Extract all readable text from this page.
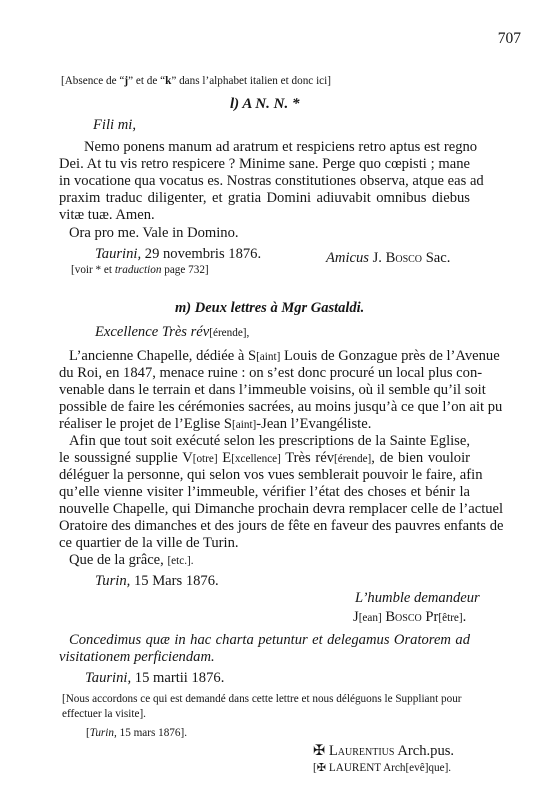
707
[Absence de “j” et de “k” dans l’alphabet italien et donc ici]
l) A N. N. *
Fili mi,
Nemo ponens manum ad aratrum et respiciens retro aptus est regno
Dei. At tu vis retro respicere ? Minime sane. Perge quo cœpisti ; mane
in vocatione qua vocatus es. Nostras constitutiones observa, atque eas ad
praxim traduc diligenter, et gratia Domini adiuvabit omnibus diebus
vitæ tuæ. Amen.
Ora pro me. Vale in Domino.
Taurini, 29 novembris 1876.	Amicus J. Bosco Sac.
[voir * et traduction page 732]
m) Deux lettres à Mgr Gastaldi.
Excellence Très rév[érende],
L’ancienne Chapelle, dédiée à S[aint] Louis de Gonzague près de l’Avenue
du Roi, en 1847, menace ruine : on s’est donc procuré un local plus con-
venable dans le terrain et dans l’immeuble voisins, où il semble qu’il soit
possible de faire les cérémonies sacrées, au moins jusqu’à ce que l’on ait pu
réaliser le projet de l’Eglise S[aint]-Jean l’Evangéliste.
Afin que tout soit exécuté selon les prescriptions de la Sainte Eglise,
le soussigné supplie V[otre] E[xcellence] Très rév[érende], de bien vouloir
déléguer la personne, qui selon vos vues semblerait pouvoir le faire, afin
qu’elle vienne visiter l’immeuble, vérifier l’état des choses et bénir la
nouvelle Chapelle, qui Dimanche prochain devra remplacer celle de l’actuel
Oratoire des dimanches et des jours de fête en faveur des pauvres enfants de
ce quartier de la ville de Turin.
Que de la grâce, [etc.].
Turin, 15 Mars 1876.
L’humble demandeur
J[ean] Bosco Pr[être].
Concedimus quæ in hac charta petuntur et delegamus Oratorem ad
visitationem perficiendam.
Taurini, 15 martii 1876.
[Nous accordons ce qui est demandé dans cette lettre et nous déléguons le Suppliant pour
effectuer la visite].
[Turin, 15 mars 1876].
✠ Laurentius Arch.pus.
[✠ LAURENT Arch[evê]que].
